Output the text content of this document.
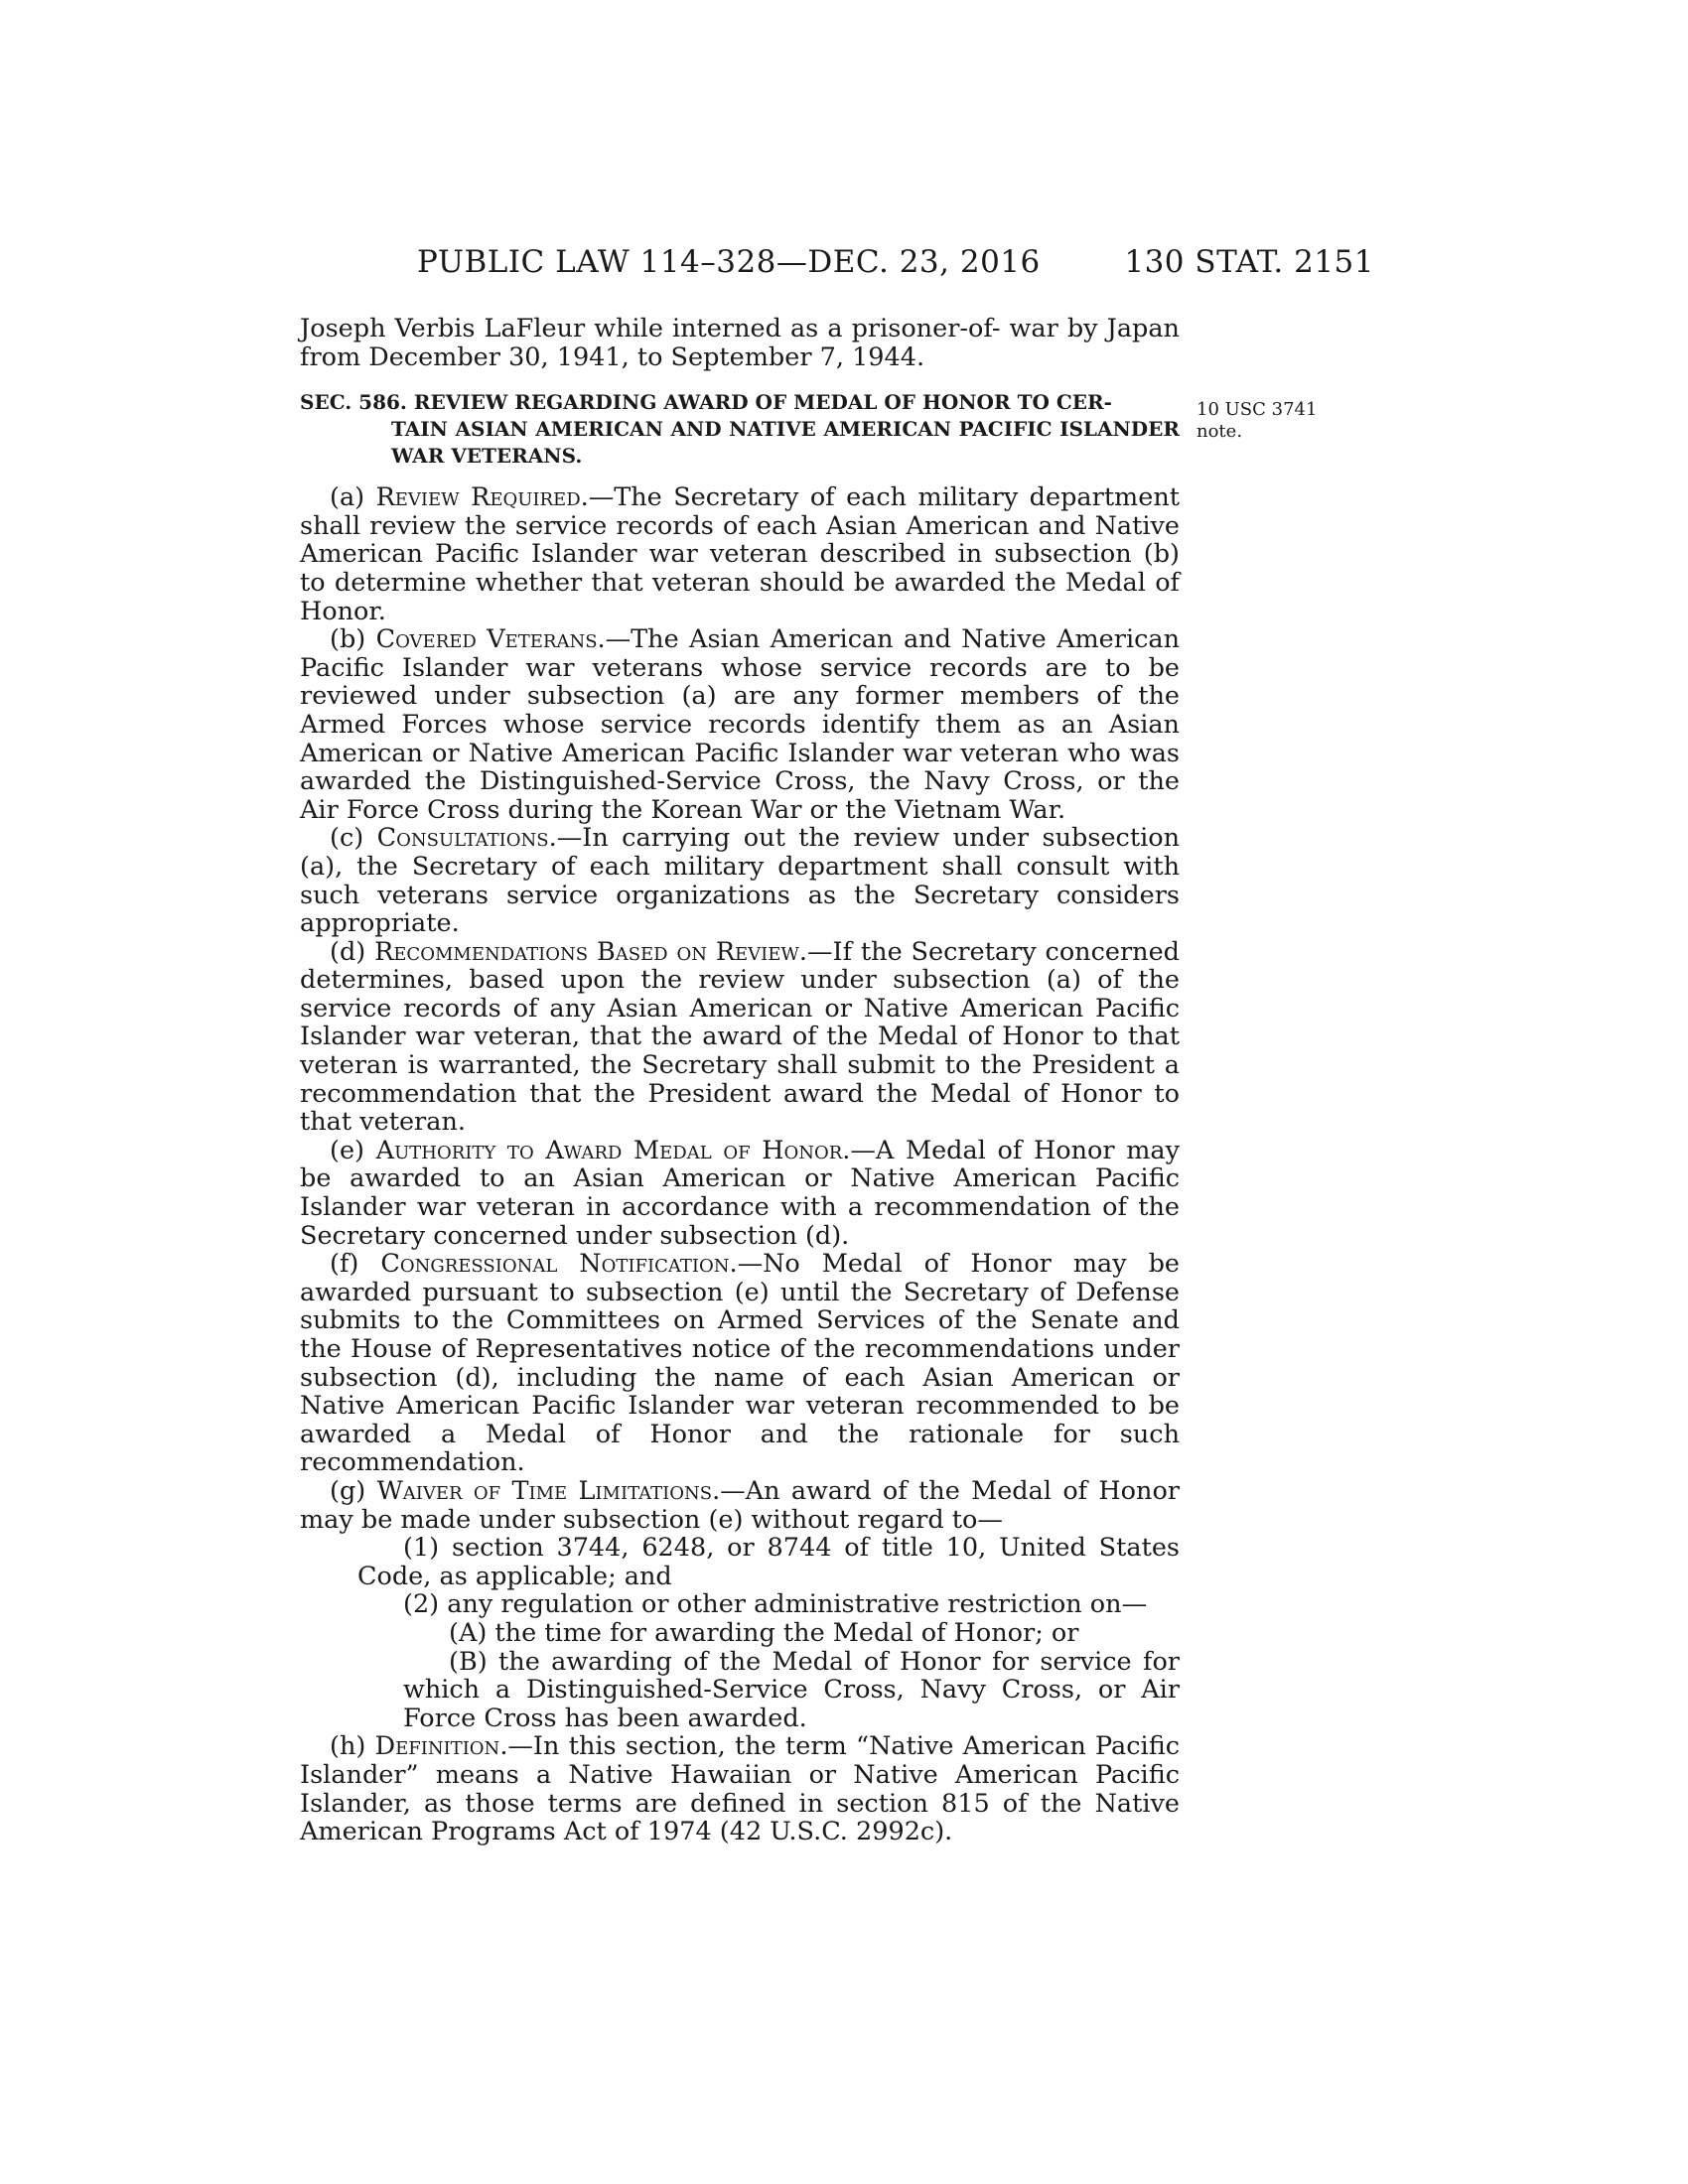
PUBLIC LAW 114–328—DEC. 23, 2016	130 STAT. 2151
10 USC 3741
note.

Joseph Verbis LaFleur while interned as a prisoner-of- war by Japan from December 30, 1941, to September 7, 1944.

SEC. 586. REVIEW REGARDING AWARD OF MEDAL OF HONOR TO CER-
TAIN ASIAN AMERICAN AND NATIVE AMERICAN PACIFIC ISLANDER WAR VETERANS.

(a) Review Required.—The Secretary of each military department shall review the service records of each Asian American and Native American Pacific Islander war veteran described in subsection (b) to determine whether that veteran should be awarded the Medal of Honor.

(b) Covered Veterans.—The Asian American and Native American Pacific Islander war veterans whose service records are to be reviewed under subsection (a) are any former members of the Armed Forces whose service records identify them as an Asian American or Native American Pacific Islander war veteran who was awarded the Distinguished-Service Cross, the Navy Cross, or the Air Force Cross during the Korean War or the Vietnam War.

(c) Consultations.—In carrying out the review under subsection (a), the Secretary of each military department shall consult with such veterans service organizations as the Secretary considers appropriate.

(d) Recommendations Based on Review.—If the Secretary concerned determines, based upon the review under subsection (a) of the service records of any Asian American or Native American Pacific Islander war veteran, that the award of the Medal of Honor to that veteran is warranted, the Secretary shall submit to the President a recommendation that the President award the Medal of Honor to that veteran.

(e) Authority to Award Medal of Honor.—A Medal of Honor may be awarded to an Asian American or Native American Pacific Islander war veteran in accordance with a recommendation of the Secretary concerned under subsection (d).

(f) Congressional Notification.—No Medal of Honor may be awarded pursuant to subsection (e) until the Secretary of Defense submits to the Committees on Armed Services of the Senate and the House of Representatives notice of the recommendations under subsection (d), including the name of each Asian American or Native American Pacific Islander war veteran recommended to be awarded a Medal of Honor and the rationale for such recommendation.

(g) Waiver of Time Limitations.—An award of the Medal of Honor may be made under subsection (e) without regard to—

(1) section 3744, 6248, or 8744 of title 10, United States Code, as applicable; and

(2) any regulation or other administrative restriction on—

(A) the time for awarding the Medal of Honor; or

(B) the awarding of the Medal of Honor for service for which a Distinguished-Service Cross, Navy Cross, or Air Force Cross has been awarded.

(h) Definition.—In this section, the term “Native American Pacific Islander” means a Native Hawaiian or Native American Pacific Islander, as those terms are defined in section 815 of the Native American Programs Act of 1974 (42 U.S.C. 2992c).
